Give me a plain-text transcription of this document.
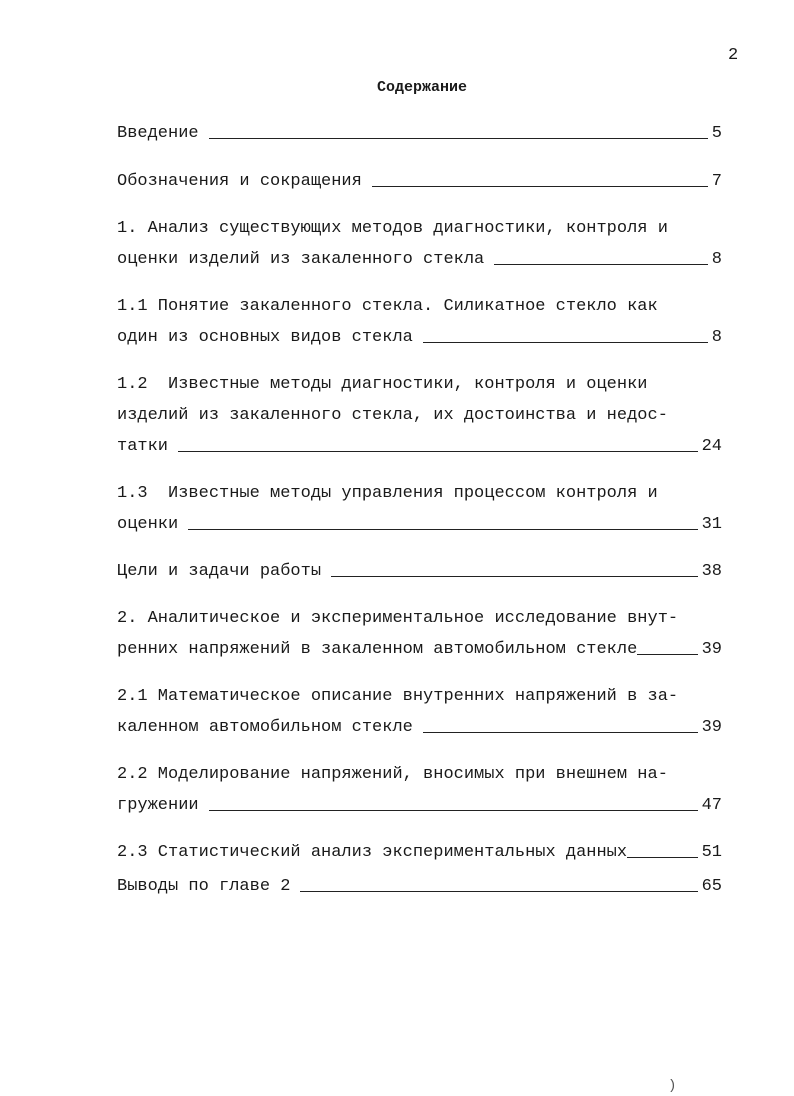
2
Содержание
Введение	5
Обозначения и сокращения	7
1. Анализ существующих методов диагностики, контроля и
оценки изделий из закаленного стекла	8
1.1 Понятие закаленного стекла. Силикатное стекло как
один из основных видов стекла	8
1.2  Известные методы диагностики, контроля и оценки
изделий из закаленного стекла, их достоинства и недос-
татки	24
1.3  Известные методы управления процессом контроля и
оценки	31
Цели и задачи работы	38
2. Аналитическое и экспериментальное исследование внут-
ренних напряжений в закаленном автомобильном стекле	39
2.1 Математическое описание внутренних напряжений в за-
каленном автомобильном стекле	39
2.2 Моделирование напряжений, вносимых при внешнем на-
гружении	47
2.3 Статистический анализ экспериментальных данных	51
Выводы по главе 2	65
)
